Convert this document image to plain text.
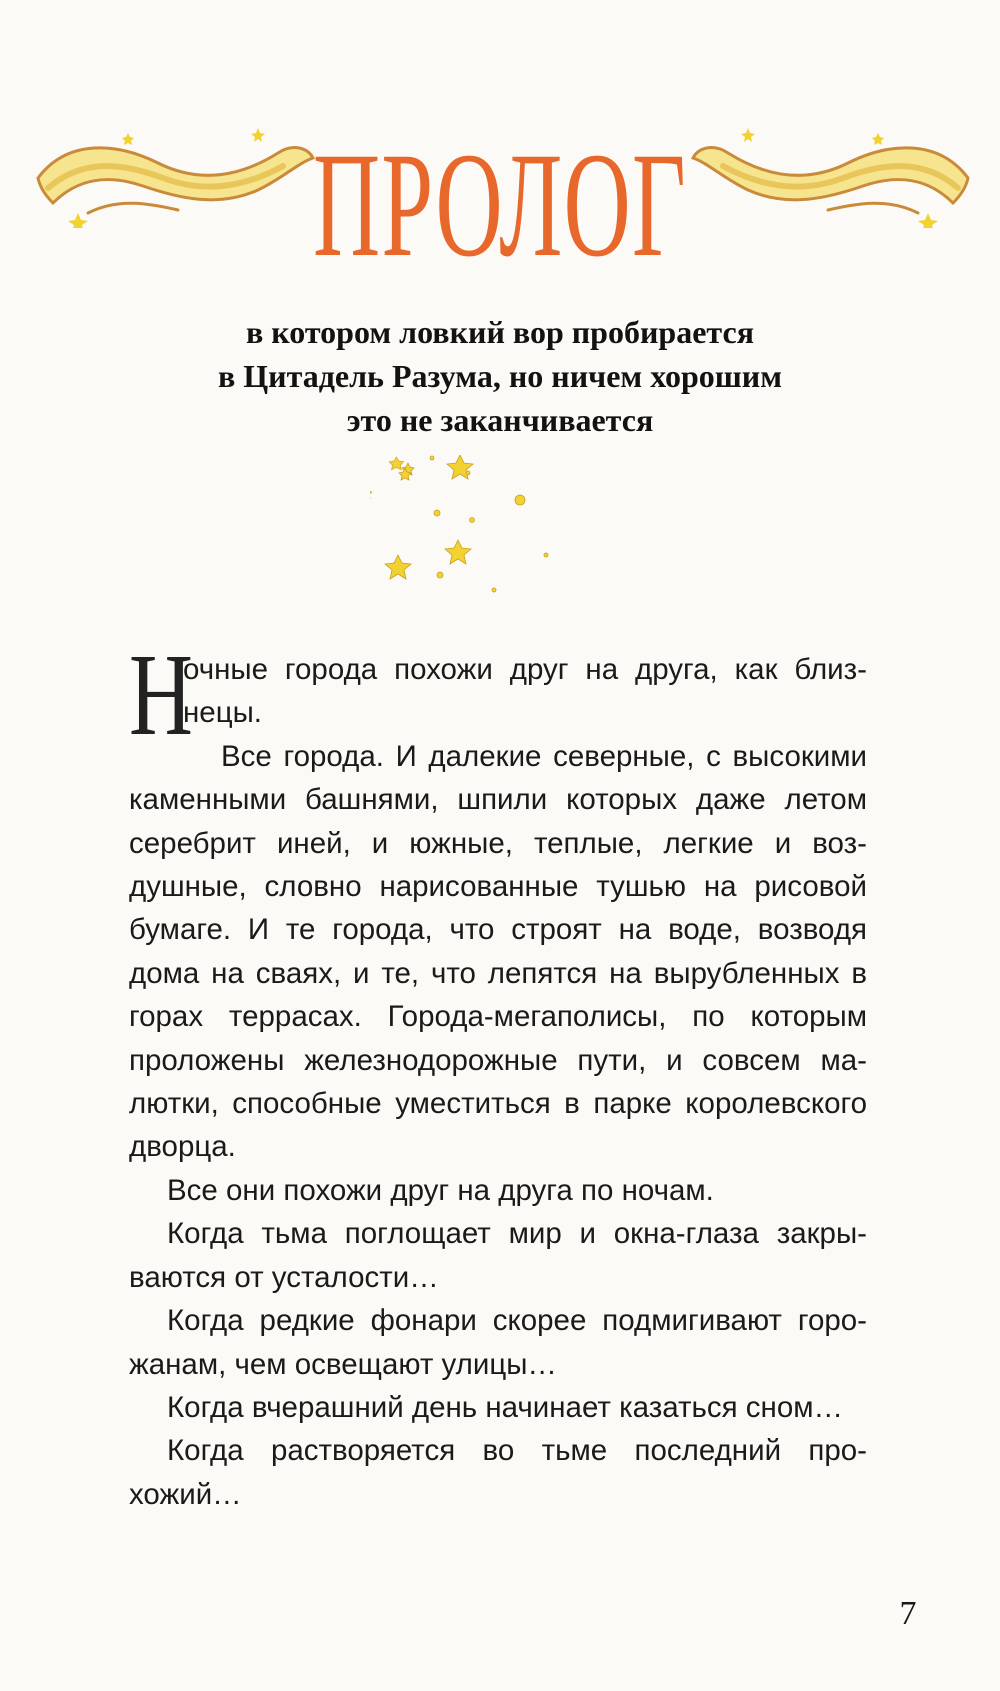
ПРОЛОГ
в котором ловкий вор пробирается
в Цитадель Разума, но ничем хорошим
это не заканчивается

Н
очные города похожи друг на друга, как близнецы.

Все города. И далекие северные, с высокими каменными башнями, шпили которых даже летом серебрит иней, и южные, теплые, легкие и воздушные, словно нарисованные тушью на рисовой бумаге. И те города, что строят на воде, возводя дома на сваях, и те, что лепятся на вырубленных в горах террасах. Города-мегаполисы, по которым проложены железнодорожные пути, и совсем малютки, способные уместиться в парке королевского дворца.

Все они похожи друг на друга по ночам.

Когда тьма поглощает мир и окна-глаза закрываются от усталости…

Когда редкие фонари скорее подмигивают горожанам, чем освещают улицы…

Когда вчерашний день начинает казаться сном…

Когда растворяется во тьме последний прохожий…

7
